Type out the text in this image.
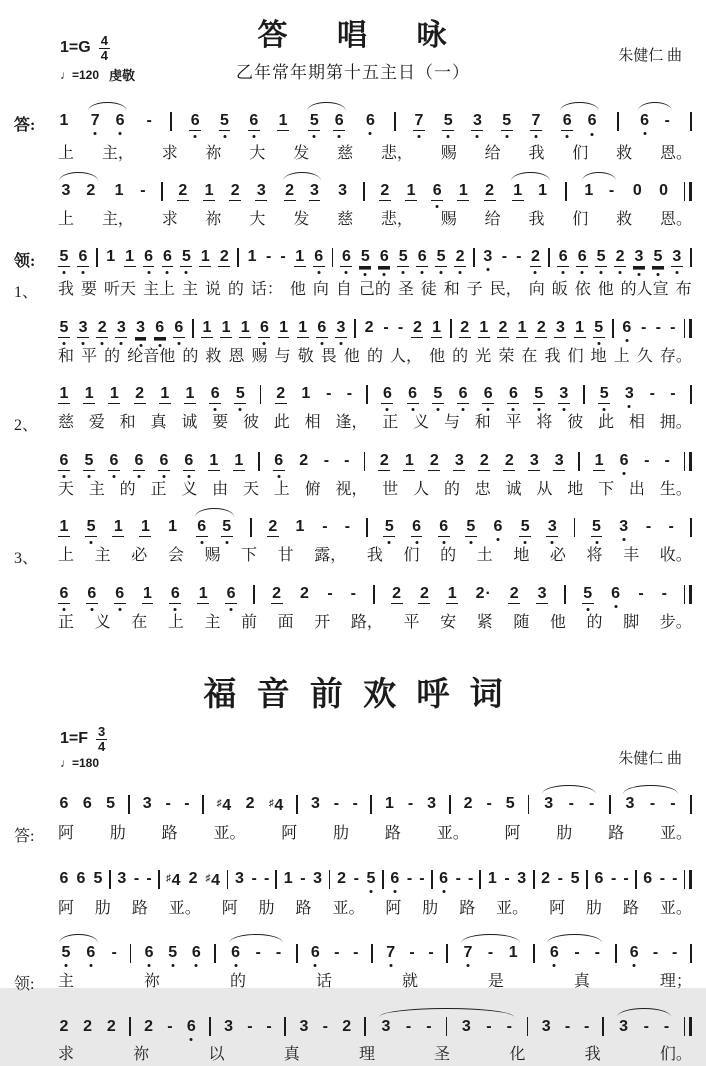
答 唱 咏
乙年常年期第十五主日（一）
朱健仁 曲
$1=G \frac{4}{4}$
♩=120 虔敬
答:	1 7 6 - 6 5 6 1 5 6 6 7 5 3 5 7 6 6	6 -
上 主， 求 祢 大 发 慈 悲， 赐 给 我 们 救 恩。
3 2 1 - 2 1 2 3 2 3 3 2 1 6 1 2 1 1 1 - 0 0
上 主， 求 祢 大 发 慈 悲， 赐 给 我 们 救 恩。
领:	5 6 1 1 6 6 5 1 2 1 - - 1 6 6 5 6 5 6 5 2 3 - - 2 6 6 5 2 3 5 3
1、	我 要 听天 主上 主 说 的 话： 他 向 自 己的 圣 徒 和 子 民， 向 皈 依 他 的人宣 布
5 3 2 3 3 6 6 1 1 1 6 1 1 6 3 2 - - 2 1 2 1 2 1 2 3 1 5 6 - - -
和 平 的 纶音他 的 救 恩 赐 与 敬 畏 他 的 人， 他 的 光 荣 在 我 们 地 上 久 存。
1 1 1 2 1 1 6 5 2 1 - - 6 6 5 6 6 6 5 3 5 3 - -
2、	慈 爱 和 真 诚 要 彼 此 相 逢， 正 义 与 和 平 将 彼 此 相 拥。
6 5 6 6 6 6 1 1 6 2 - - 2 1 2 3 2 2 3 3 1 6 - -
天 主 的 正 义 由 天 上 俯 视， 世 人 的 忠 诚 从 地 下 出 生。
1 5 1 1 1 6 5 2 1 - - 5 6 6 5 6 5 3 5 3 - -
3、	上 主 必 会 赐 下 甘 露， 我 们 的 土 地 必 将 丰 收。
6 6 6 1 6 1 6 2 2 - - 2 2 1 2· 2 3 5 6 - -
正 义 在 上 主 前 面 开 路， 平 安 紧 随 他 的 脚 步。
福 音 前 欢 呼 词
$1=F \frac{3}{4}$
♩=180	朱健仁 曲
6 6 5 3 - -	♯4 2 ♯4 3 - - 1 - 3 2 - 5 3 - - 3 - -
答:	阿 肋 路 亚。 阿 肋 路 亚。 阿 肋 路 亚。
6 6 5 3 - - ♯4 2 ♯4 3 - - 1 - 3 2 - 5 6 - - 6 - - 1 - 3 2 - 5 6 - - 6 - -
阿 肋 路 亚。 阿 肋 路 亚。 阿 肋 路 亚。 阿 肋 路 亚。
5 6 - 6 5 6 6 - - 6 - - 7 - - 7 - 1 6 - - 6 - -
领:	主	祢	的	话	就	是	真	理；
2 2 2 2 - 6 3 - - 3 - 2 3 - - 3 - - 3 - - 3 - -
求	祢	以	真	理	圣	化	我	们。
